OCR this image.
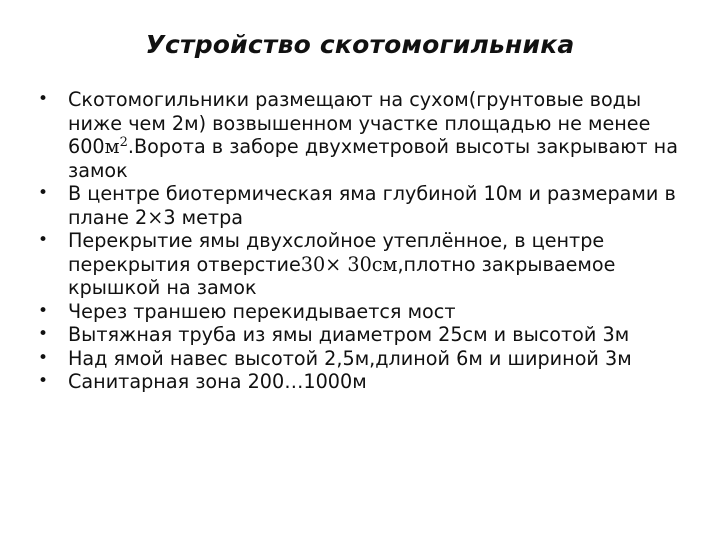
Устройство скотомогильника
• Скотомогильники размещают на сухом(грунтовые воды ниже чем 2м) возвышенном участке площадью не менее $600м^2.Ворота$ в заборе двухметровой высоты закрывают на замок
• В центре биотермическая яма глубиной 10м и размерами в плане 2×3 метра
• Перекрытие ямы двухслойное утеплённое, в центре перекрытия отверстие30× 30см,плотно закрываемое крышкой на замок
• Через траншею перекидывается мост
• Вытяжная труба из ямы диаметром 25см и высотой 3м
• Над ямой навес высотой 2,5м,длиной 6м и шириной 3м
• Санитарная зона 200…1000м
